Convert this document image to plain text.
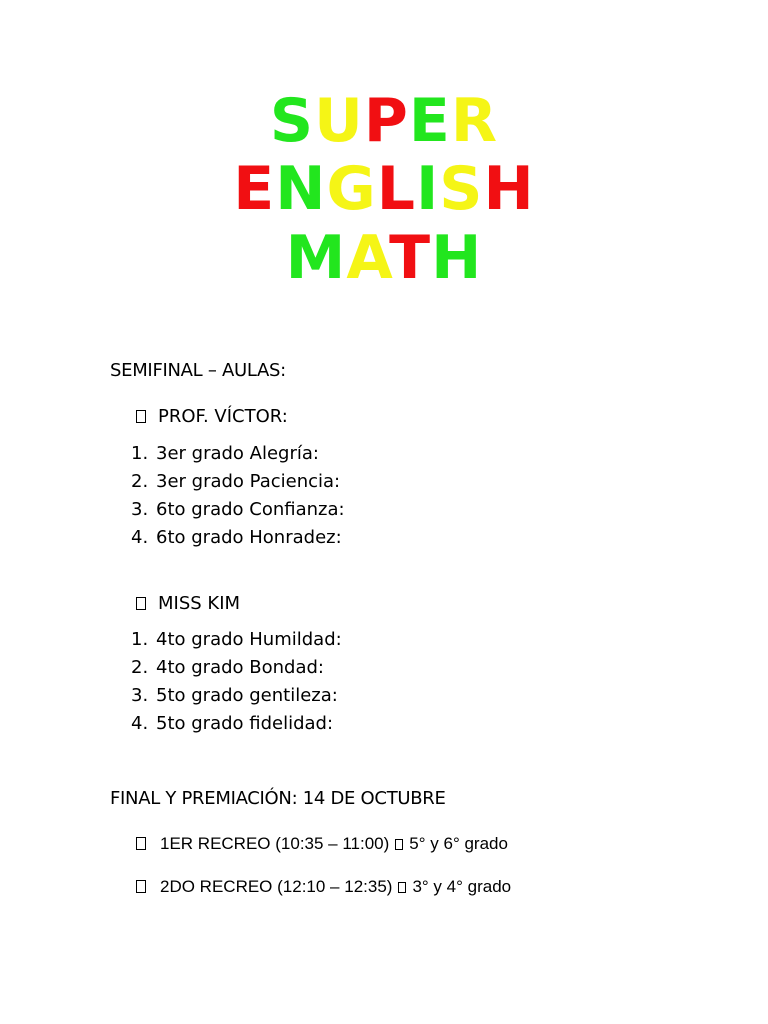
SUPER
ENGLISH
MATH
SEMIFINAL – AULAS:
PROF. VÍCTOR:
1. 3er grado Alegría:
2. 3er grado Paciencia:
3. 6to grado Confianza:
4. 6to grado Honradez:
MISS KIM
1. 4to grado Humildad:
2. 4to grado Bondad:
3. 5to grado gentileza:
4. 5to grado fidelidad:
FINAL Y PREMIACIÓN: 14 DE OCTUBRE
1ER RECREO (10:35 – 11:00) 5° y 6° grado
2DO RECREO (12:10 – 12:35) 3° y 4° grado
